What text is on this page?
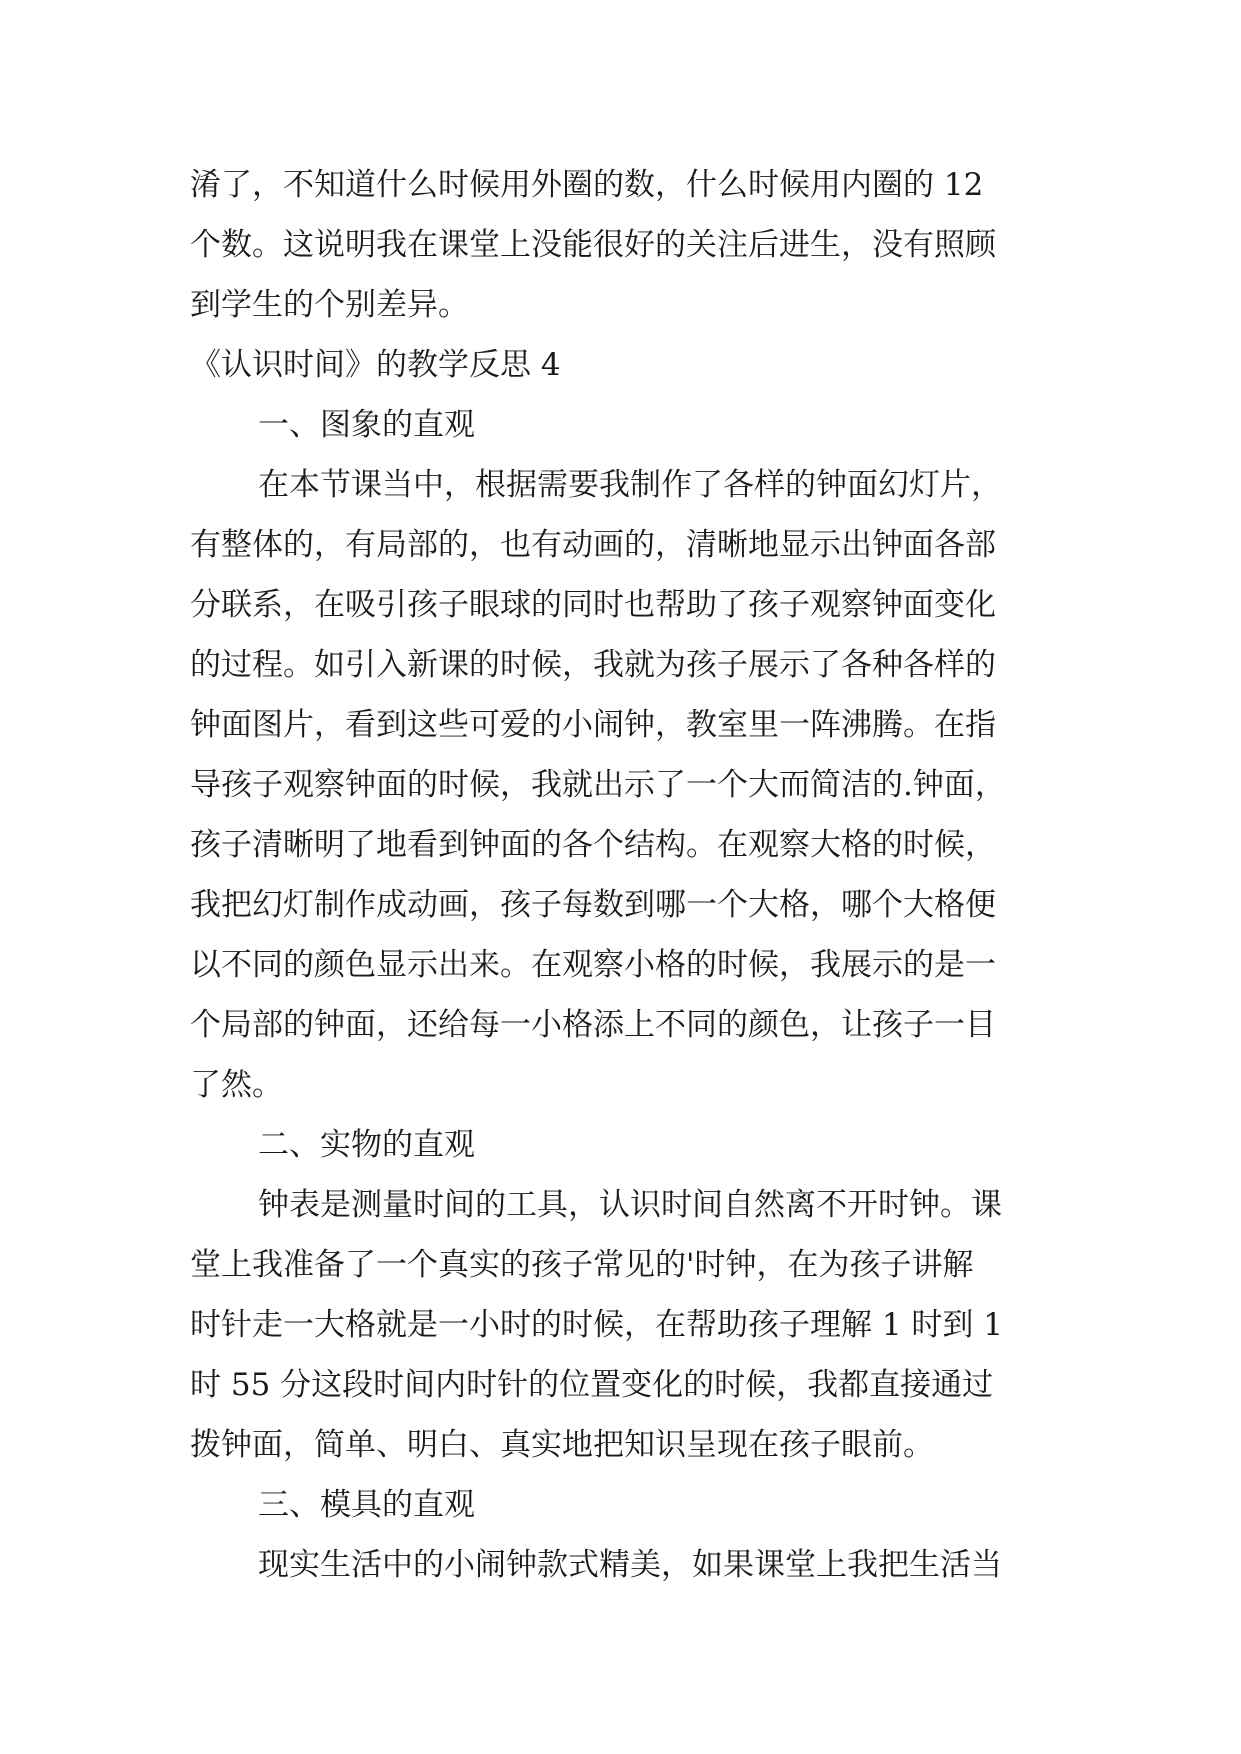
淆了，不知道什么时候用外圈的数，什么时候用内圈的 12
个数。这说明我在课堂上没能很好的关注后进生，没有照顾
到学生的个别差异。
《认识时间》的教学反思 4
一、图象的直观
在本节课当中，根据需要我制作了各样的钟面幻灯片，
有整体的，有局部的，也有动画的，清晰地显示出钟面各部
分联系，在吸引孩子眼球的同时也帮助了孩子观察钟面变化
的过程。如引入新课的时候，我就为孩子展示了各种各样的
钟面图片，看到这些可爱的小闹钟，教室里一阵沸腾。在指
导孩子观察钟面的时候，我就出示了一个大而简洁的.钟面，
孩子清晰明了地看到钟面的各个结构。在观察大格的时候，
我把幻灯制作成动画，孩子每数到哪一个大格，哪个大格便
以不同的颜色显示出来。在观察小格的时候，我展示的是一
个局部的钟面，还给每一小格添上不同的颜色，让孩子一目
了然。
二、实物的直观
钟表是测量时间的工具，认识时间自然离不开时钟。课
堂上我准备了一个真实的孩子常见的'时钟，在为孩子讲解
时针走一大格就是一小时的时候，在帮助孩子理解 1 时到 1
时 55 分这段时间内时针的位置变化的时候，我都直接通过
拨钟面，简单、明白、真实地把知识呈现在孩子眼前。
三、模具的直观
现实生活中的小闹钟款式精美，如果课堂上我把生活当
